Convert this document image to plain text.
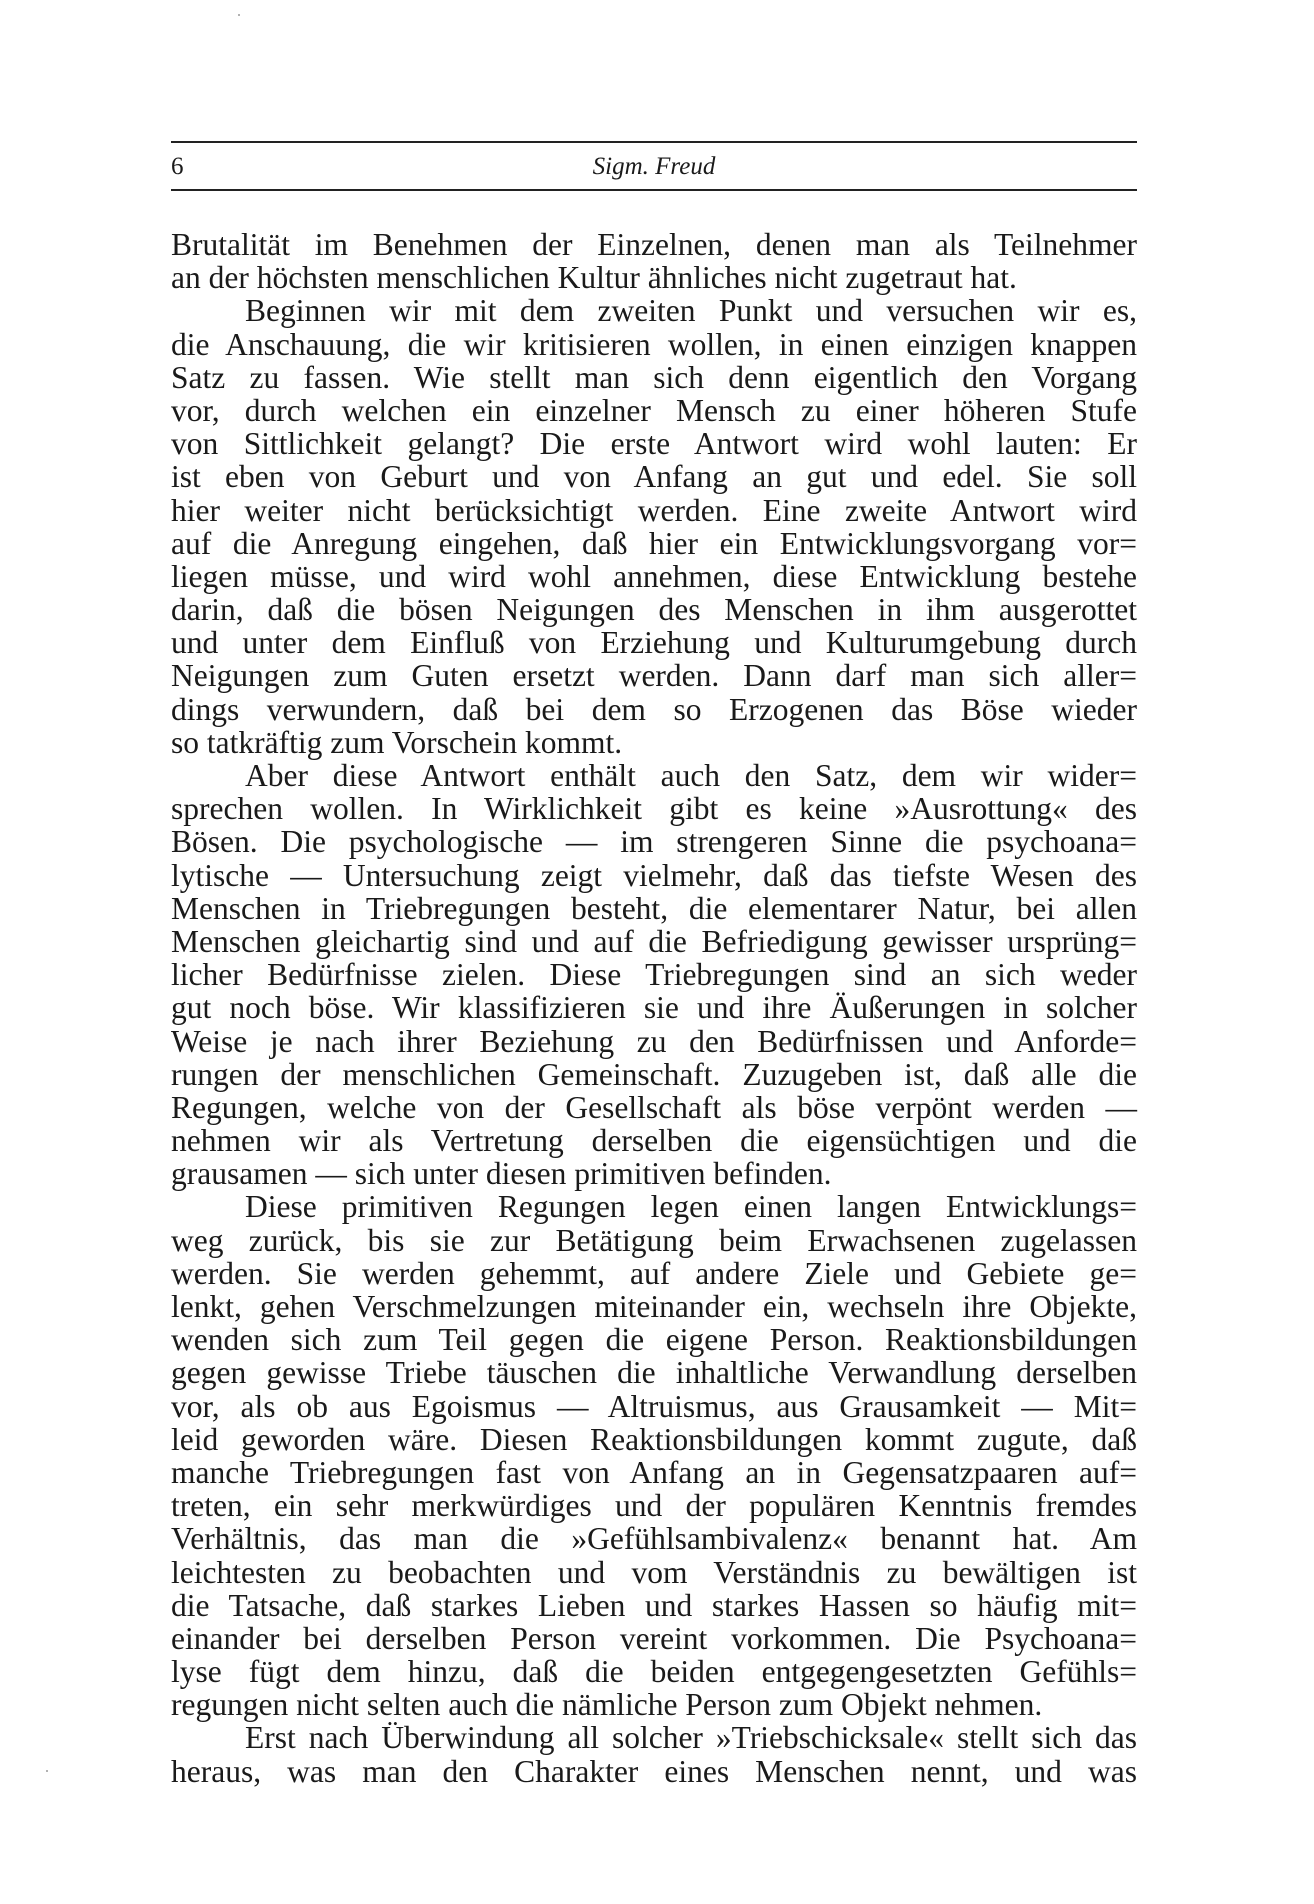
6	Sigm. Freud
Brutalität im Benehmen der Einzelnen, denen man als Teilnehmer
an der höchsten menschlichen Kultur ähnliches nicht zugetraut hat.
Beginnen wir mit dem zweiten Punkt und versuchen wir es,
die Anschauung, die wir kritisieren wollen, in einen einzigen knappen
Satz zu fassen. Wie stellt man sich denn eigentlich den Vorgang
vor, durch welchen ein einzelner Mensch zu einer höheren Stufe
von Sittlichkeit gelangt? Die erste Antwort wird wohl lauten: Er
ist eben von Geburt und von Anfang an gut und edel. Sie soll
hier weiter nicht berücksichtigt werden. Eine zweite Antwort wird
auf die Anregung eingehen, daß hier ein Entwicklungsvorgang vor=
liegen müsse, und wird wohl annehmen, diese Entwicklung bestehe
darin, daß die bösen Neigungen des Menschen in ihm ausgerottet
und unter dem Einfluß von Erziehung und Kulturumgebung durch
Neigungen zum Guten ersetzt werden. Dann darf man sich aller=
dings verwundern, daß bei dem so Erzogenen das Böse wieder
so tatkräftig zum Vorschein kommt.
Aber diese Antwort enthält auch den Satz, dem wir wider=
sprechen wollen. In Wirklichkeit gibt es keine »Ausrottung« des
Bösen. Die psychologische — im strengeren Sinne die psychoana=
lytische — Untersuchung zeigt vielmehr, daß das tiefste Wesen des
Menschen in Triebregungen besteht, die elementarer Natur, bei allen
Menschen gleichartig sind und auf die Befriedigung gewisser ursprüng=
licher Bedürfnisse zielen. Diese Triebregungen sind an sich weder
gut noch böse. Wir klassifizieren sie und ihre Äußerungen in solcher
Weise je nach ihrer Beziehung zu den Bedürfnissen und Anforde=
rungen der menschlichen Gemeinschaft. Zuzugeben ist, daß alle die
Regungen, welche von der Gesellschaft als böse verpönt werden —
nehmen wir als Vertretung derselben die eigensüchtigen und die
grausamen — sich unter diesen primitiven befinden.
Diese primitiven Regungen legen einen langen Entwicklungs=
weg zurück, bis sie zur Betätigung beim Erwachsenen zugelassen
werden. Sie werden gehemmt, auf andere Ziele und Gebiete ge=
lenkt, gehen Verschmelzungen miteinander ein, wechseln ihre Objekte,
wenden sich zum Teil gegen die eigene Person. Reaktionsbildungen
gegen gewisse Triebe täuschen die inhaltliche Verwandlung derselben
vor, als ob aus Egoismus — Altruismus, aus Grausamkeit — Mit=
leid geworden wäre. Diesen Reaktionsbildungen kommt zugute, daß
manche Triebregungen fast von Anfang an in Gegensatzpaaren auf=
treten, ein sehr merkwürdiges und der populären Kenntnis fremdes
Verhältnis, das man die »Gefühlsambivalenz« benannt hat. Am
leichtesten zu beobachten und vom Verständnis zu bewältigen ist
die Tatsache, daß starkes Lieben und starkes Hassen so häufig mit=
einander bei derselben Person vereint vorkommen. Die Psychoana=
lyse fügt dem hinzu, daß die beiden entgegengesetzten Gefühls=
regungen nicht selten auch die nämliche Person zum Objekt nehmen.
Erst nach Überwindung all solcher »Triebschicksale« stellt sich das
heraus, was man den Charakter eines Menschen nennt, und was
